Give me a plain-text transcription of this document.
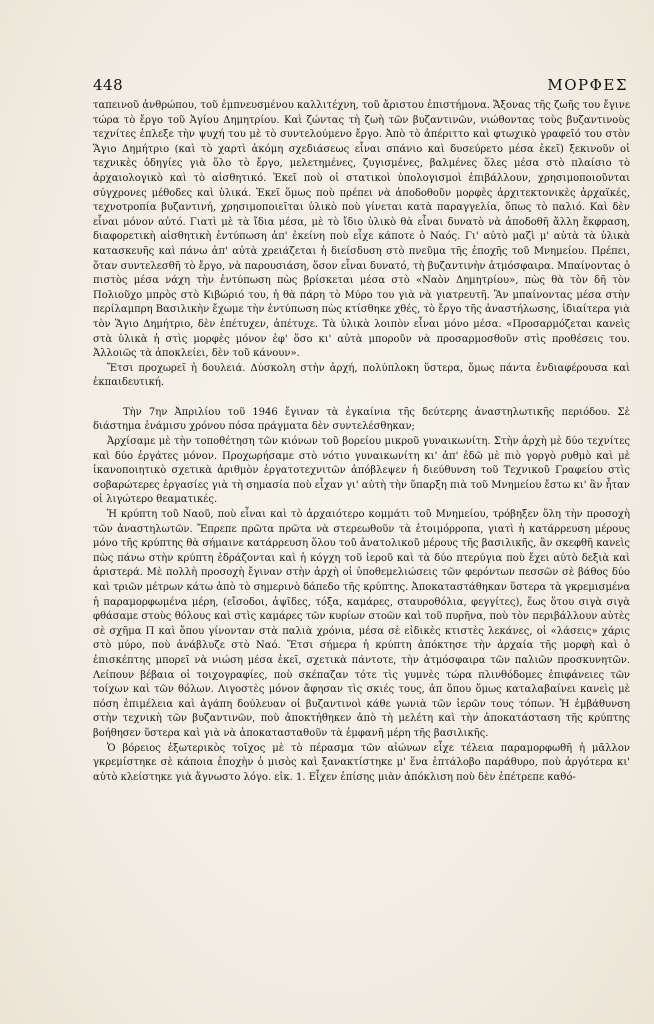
448	ΜΟΡΦΕΣ

ταπεινοῦ ἀνθρώπου, τοῦ ἐμπνευσμένου καλλιτέχνη, τοῦ ἄριστου ἐπιστήμονα. Ἄξονας τῆς ζωῆς του ἔγινε τώρα τὸ ἔργο τοῦ Ἁγίου Δημητρίου. Καὶ ζώντας τὴ ζωὴ τῶν βυζαντινῶν, νιώθοντας τοὺς βυζαντινοὺς τεχνίτες ἐπλεξε τὴν ψυχή του μὲ τὸ συντελούμενο ἔργο. Ἀπὸ τὸ ἀπέριττο καὶ φτωχικὸ γραφεῖό του στὸν Ἅγιο Δημήτριο (καὶ τὸ χαρτὶ ἀκόμη σχεδιάσεως εἶναι σπάνιο καὶ δυσεύρετο μέσα ἐκεῖ) ξεκινοῦν οἱ τεχνικὲς ὁδηγίες γιὰ ὅλο τὸ ἔργο, μελετημένες, ζυγισμένες, βαλμένες ὅλες μέσα στὸ πλαίσιο τὸ ἀρχαιολογικὸ καὶ τὸ αἰσθητικό. Ἐκεῖ ποὺ οἱ στατικοὶ ὑπολογισμοὶ ἐπιβάλλουν, χρησιμοποιοῦνται σύγχρονες μέθοδες καὶ ὑλικά. Ἐκεῖ ὅμως ποὺ πρέπει νὰ ἀποδοθοῦν μορφὲς ἀρχιτεκτονικὲς ἀρχαϊκές, τεχνοτροπία βυζαντινή, χρησιμοποιεῖται ὑλικὸ ποὺ γίνεται κατὰ παραγγελία, ὅπως τὸ παλιό. Καὶ δὲν εἶναι μόνον αὐτό. Γιατὶ μὲ τὰ ἴδια μέσα, μὲ τὸ ἴδιο ὑλικὸ θὰ εἶναι δυνατὸ νὰ ἀποδοθῆ ἄλλη ἔκφραση, διαφορετικὴ αἰσθητικὴ ἐντύπωση ἀπ' ἐκείνη ποὺ εἶχε κάποτε ὁ Ναός. Γι' αὐτὸ μαζὶ μ' αὐτὰ τὰ ὑλικὰ κατασκευῆς καὶ πάνω ἀπ' αὐτὰ χρειάζεται ἡ διείσδυση στὸ πνεῦμα τῆς ἐποχῆς τοῦ Μνημείου. Πρέπει, ὅταν συντελεσθῆ τὸ ἔργο, νὰ παρουσιάση, ὅσον εἶναι δυνατό, τὴ βυζαντινὴν ἀτμόσφαιρα. Μπαίνοντας ὁ πιστὸς μέσα νάχη τὴν ἐντύπωση πὼς βρίσκεται μέσα στὸ «Ναὸν Δημητρίου», πὼς θὰ τὸν δῆ τὸν Πολιοῦχο μπρὸς στὸ Κιβώριό του, ἡ θὰ πάρη τὸ Μύρο του γιὰ νὰ γιατρευτῆ. Ἂν μπαίνοντας μέσα στὴν περίλαμπρη Βασιλικὴν ἔχωμε τὴν ἐντύπωση πὼς κτίσθηκε χθές, τὸ ἔργο τῆς ἀναστήλωσης, ἰδιαίτερα γιὰ τὸν Ἅγιο Δημήτριο, δὲν ἐπέτυχεν, ἀπέτυχε. Τὰ ὑλικὰ λοιπὸν εἶναι μόνο μέσα. «Προσαρμόζεται κανεὶς στὰ ὑλικὰ ἡ στὶς μορφὲς μόνον ἐφ' ὅσο κι' αὐτὰ μποροῦν νὰ προσαρμοσθοῦν στὶς προθέσεις του. Ἀλλοιῶς τὰ ἀποκλείει, δὲν τοῦ κάνουν».

Ἔτσι προχωρεῖ ἡ δουλειά. Δύσκολη στὴν ἀρχή, πολύπλοκη ὕστερα, ὅμως πάντα ἐνδιαφέρουσα καὶ ἐκπαιδευτική.

Τὴν 7ην Ἀπριλίου τοῦ 1946 ἔγιναν τὰ ἐγκαίνια τῆς δεύτερης ἀναστηλωτικῆς περιόδου. Σὲ διάστημα ἑνάμισυ χρόνου πόσα πράγματα δὲν συντελέσθηκαν;

Ἀρχίσαμε μὲ τὴν τοποθέτηση τῶν κιόνων τοῦ βορείου μικροῦ γυναικωνίτη. Στὴν ἀρχὴ μὲ δύο τεχνίτες καὶ δύο ἐργάτες μόνον. Προχωρήσαμε στὸ νότιο γυναικωνίτη κι' ἀπ' ἐδῶ μὲ πιὸ γοργὸ ρυθμὸ καὶ μὲ ἱκανοποιητικὸ σχετικὰ ἀριθμὸν ἐργατοτεχνιτῶν ἀπόβλεψεν ἡ διεύθυνση τοῦ Τεχνικοῦ Γραφείου στὶς σοβαρώτερες ἐργασίες γιὰ τὴ σημασία ποὺ εἶχαν γι' αὐτὴ τὴν ὕπαρξη πιὰ τοῦ Μνημείου ἔστω κι' ἂν ἦταν οἱ λιγώτερο θεαματικές.

Ἡ κρύπτη τοῦ Ναοῦ, ποὺ εἶναι καὶ τὸ ἀρχαιότερο κομμάτι τοῦ Μνημείου, τρόβηξεν ὅλη τὴν προσοχὴ τῶν ἀναστηλωτῶν. Ἔπρεπε πρῶτα πρῶτα νὰ στερεωθοῦν τὰ ἑτοιμόρροπα, γιατὶ ἡ κατάρρευση μέρους μόνο τῆς κρύπτης θὰ σήμαινε κατάρρευση ὅλου τοῦ ἀνατολικοῦ μέρους τῆς βασιλικῆς, ἂν σκεφθῆ κανεὶς πὼς πάνω στὴν κρύπτη ἑδράζονται καὶ ἡ κόγχη τοῦ ἱεροῦ καὶ τὰ δύο πτερύγια ποὺ ἔχει αὐτὸ δεξιὰ καὶ ἀριστερά. Μὲ πολλὴ προσοχὴ ἔγιναν στὴν ἀρχὴ οἱ ὑποθεμελιώσεις τῶν φερόντων πεσσῶν σὲ βάθος δύο καὶ τριῶν μέτρων κάτω ἀπὸ τὸ σημερινὸ δάπεδο τῆς κρύπτης. Ἀποκαταστάθηκαν ὕστερα τὰ γκρεμισμένα ἡ παραμορφωμένα μέρη, (εἴσοδοι, ἀψῖδες, τόξα, καμάρες, σταυροθόλια, φεγγίτες), ἕως ὅτου σιγὰ σιγὰ φθάσαμε στοὺς θόλους καὶ στὶς καμάρες τῶν κυρίων στοῶν καὶ τοῦ πυρῆνα, ποὺ τὸν περιβάλλουν αὐτὲς σὲ σχῆμα Π καὶ ὅπου γίνονταν στὰ παλιὰ χρόνια, μέσα σὲ εἰδικὲς κτιστὲς λεκάνες, οἱ «λάσεις» χάρις στὸ μύρο, ποὺ ἀνάβλυζε στὸ Ναό. Ἔτσι σήμερα ἡ κρύπτη ἀπόκτησε τὴν ἀρχαία τῆς μορφὴ καὶ ὁ ἐπισκέπτης μπορεῖ νὰ νιώση μέσα ἐκεῖ, σχετικὰ πάντοτε, τὴν ἀτμόσφαιρα τῶν παλιῶν προσκυνητῶν. Λείπουν βέβαια οἱ τοιχογραφίες, ποὺ σκέπαζαν τότε τὶς γυμνὲς τώρα πλινθόδομες ἐπιφάνειες τῶν τοίχων καὶ τῶν θόλων. Λιγοστὲς μόνον ἄφησαν τὶς σκιές τους, ἀπ ὅπου ὅμως καταλαβαίνει κανεὶς μὲ πόση ἐπιμέλεια καὶ ἀγάπη δούλευαν οἱ βυζαντινοὶ κάθε γωνιὰ τῶν ἱερῶν τους τόπων. Ἡ ἐμβάθυνση στὴν τεχνικὴ τῶν βυζαντινῶν, ποὺ ἀποκτήθηκεν ἀπὸ τὴ μελέτη καὶ τὴν ἀποκατάσταση τῆς κρύπτης βοήθησεν ὕστερα καὶ γιὰ νὰ ἀποκατασταθοῦν τὰ ἐμφανῆ μέρη τῆς βασιλικῆς.

Ὁ βόρειος ἐξωτερικὸς τοῖχος μὲ τὸ πέρασμα τῶν αἰώνων εἶχε τέλεια παραμορφωθῆ ἡ μᾶλλον γκρεμίστηκε σὲ κάποια ἐποχὴν ὁ μισὸς καὶ ξανακτίστηκε μ' ἕνα ἑπτάλοβο παράθυρο, ποὺ ἀργότερα κι' αὐτὸ κλείστηκε γιὰ ἄγνωστο λόγο. εἰκ. 1. Εἶχεν ἐπίσης μιὰν ἀπόκλιση ποὺ δὲν ἐπέτρεπε καθό-
